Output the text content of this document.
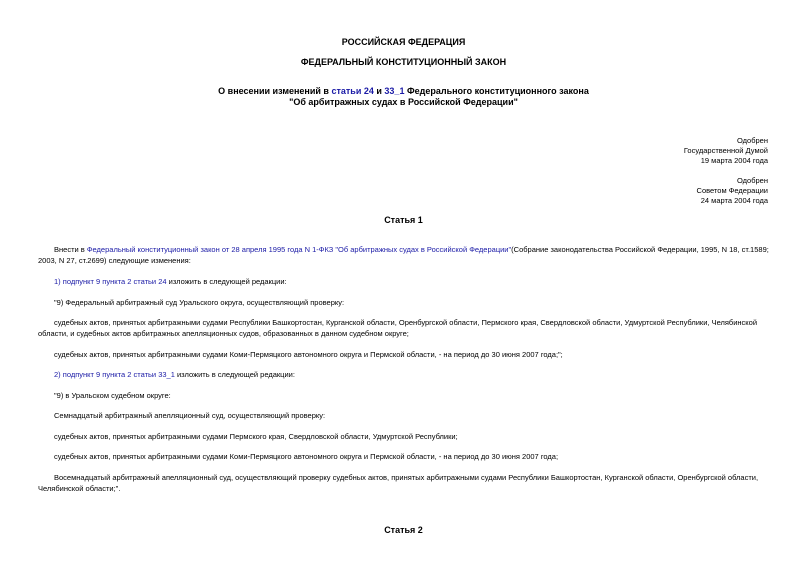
РОССИЙСКАЯ ФЕДЕРАЦИЯ
ФЕДЕРАЛЬНЫЙ КОНСТИТУЦИОННЫЙ ЗАКОН
О внесении изменений в статьи 24 и 33_1 Федерального конституционного закона
"Об арбитражных судах в Российской Федерации"
Одобрен
Государственной Думой
19 марта 2004 года
Одобрен
Советом Федерации
24 марта 2004 года
Статья 1
Внести в Федеральный конституционный закон от 28 апреля 1995 года N 1-ФКЗ "Об арбитражных судах в Российской Федерации"(Собрание законодательства Российской Федерации, 1995, N 18, ст.1589; 2003, N 27, ст.2699) следующие изменения:
1) подпункт 9 пункта 2 статьи 24 изложить в следующей редакции:
"9) Федеральный арбитражный суд Уральского округа, осуществляющий проверку:
судебных актов, принятых арбитражными судами Республики Башкортостан, Курганской области, Оренбургской области, Пермского края, Свердловской области, Удмуртской Республики, Челябинской области, и судебных актов арбитражных апелляционных судов, образованных в данном судебном округе;
судебных актов, принятых арбитражными судами Коми-Пермяцкого автономного округа и Пермской области, - на период до 30 июня 2007 года;";
2) подпункт 9 пункта 2 статьи 33_1 изложить в следующей редакции:
"9) в Уральском судебном округе:
Семнадцатый арбитражный апелляционный суд, осуществляющий проверку:
судебных актов, принятых арбитражными судами Пермского края, Свердловской области, Удмуртской Республики;
судебных актов, принятых арбитражными судами Коми-Пермяцкого автономного округа и Пермской области, - на период до 30 июня 2007 года;
Восемнадцатый арбитражный апелляционный суд, осуществляющий проверку судебных актов, принятых арбитражными судами Республики Башкортостан, Курганской области, Оренбургской области, Челябинской области;".
Статья 2
